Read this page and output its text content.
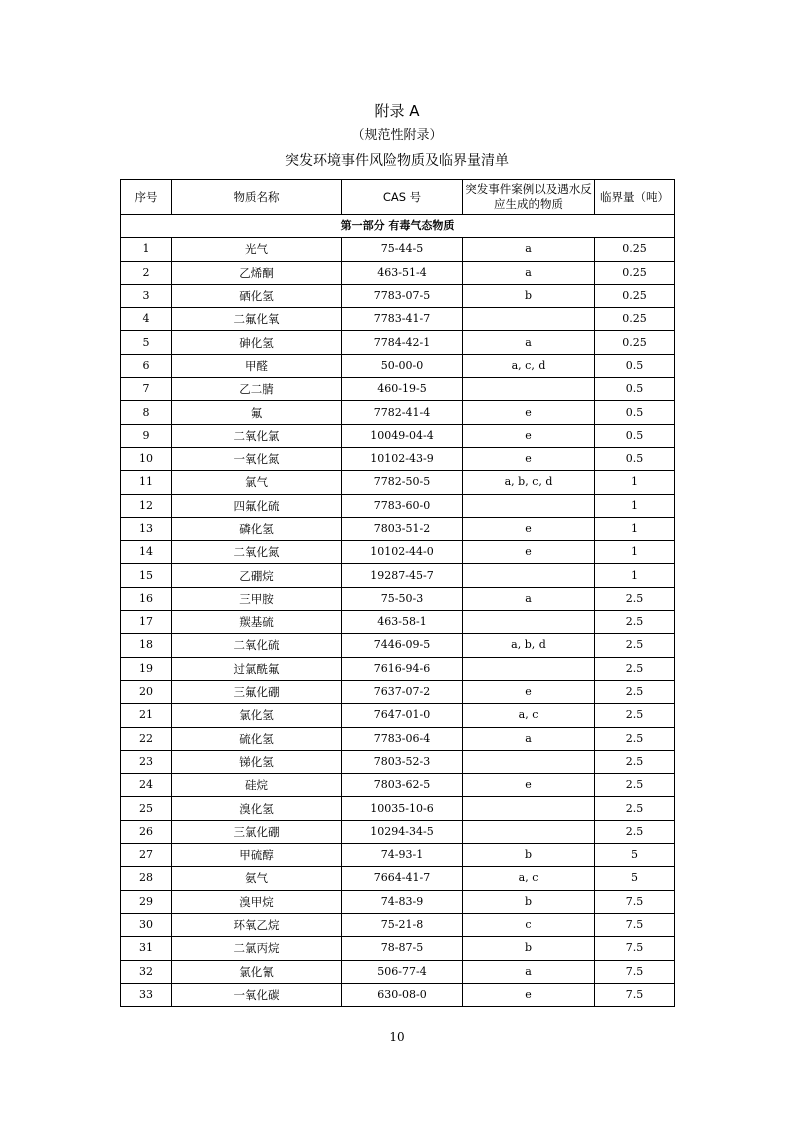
附录 A
（规范性附录）
突发环境事件风险物质及临界量清单
序号	物质名称	CAS 号	突发事件案例以及遇水反应生成的物质	临界量（吨）
第一部分 有毒气态物质				
1	光气	75-44-5	a	0.25
2	乙烯酮	463-51-4	a	0.25
3	硒化氢	7783-07-5	b	0.25
4	二氟化氧	7783-41-7		0.25
5	砷化氢	7784-42-1	a	0.25
6	甲醛	50-00-0	a, c, d	0.5
7	乙二腈	460-19-5		0.5
8	氟	7782-41-4	e	0.5
9	二氧化氯	10049-04-4	e	0.5
10	一氧化氮	10102-43-9	e	0.5
11	氯气	7782-50-5	a, b, c, d	1
12	四氟化硫	7783-60-0		1
13	磷化氢	7803-51-2	e	1
14	二氧化氮	10102-44-0	e	1
15	乙硼烷	19287-45-7		1
16	三甲胺	75-50-3	a	2.5
17	羰基硫	463-58-1		2.5
18	二氧化硫	7446-09-5	a, b, d	2.5
19	过氯酰氟	7616-94-6		2.5
20	三氟化硼	7637-07-2	e	2.5
21	氯化氢	7647-01-0	a, c	2.5
22	硫化氢	7783-06-4	a	2.5
23	锑化氢	7803-52-3		2.5
24	硅烷	7803-62-5	e	2.5
25	溴化氢	10035-10-6		2.5
26	三氯化硼	10294-34-5		2.5
27	甲硫醇	74-93-1	b	5
28	氨气	7664-41-7	a, c	5
29	溴甲烷	74-83-9	b	7.5
30	环氧乙烷	75-21-8	c	7.5
31	二氯丙烷	78-87-5	b	7.5
32	氯化氰	506-77-4	a	7.5
33	一氧化碳	630-08-0	e	7.5
10
